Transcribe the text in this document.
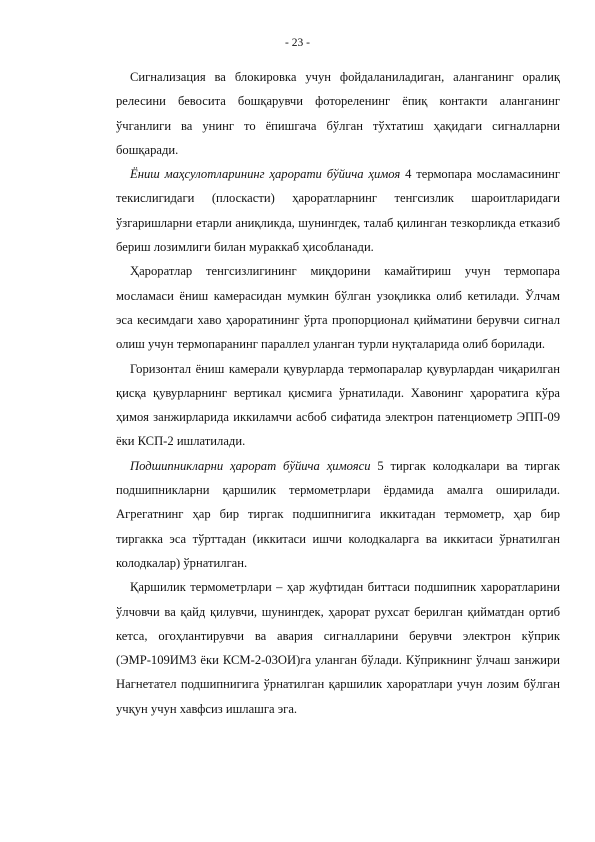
- 23 -

Сигнализация ва блокировка учун фойдаланиладиган, аланганинг оралиқ релесини бевосита бошқарувчи фотореленинг ёпиқ контакти аланганинг ўчганлиги ва унинг то ёпишгача бўлган тўхтатиш ҳақидаги сигналларни бошқаради.

Ёниш маҳсулотларининг ҳарорати бўйича ҳимоя 4 термопара мосламасининг текислигидаги (плоскасти) ҳароратларнинг тенгсизлик шароитларидаги ўзгаришларни етарли аниқликда, шунингдек, талаб қилинган тезкорликда етказиб бериш лозимлиги билан мураккаб ҳисобланади.

Ҳароратлар тенгсизлигининг миқдорини камайтириш учун термопара мосламаси ёниш камерасидан мумкин бўлган узоқликка олиб кетилади. Ўлчам эса кесимдаги хаво ҳароратининг ўрта пропорционал қийматини берувчи сигнал олиш учун термопаранинг параллел уланган турли нуқталарида олиб борилади.

Горизонтал ёниш камерали қувурларда термопаралар қувурлардан чиқарилган қисқа қувурларнинг вертикал қисмига ўрнатилади. Хавонинг ҳароратига кўра ҳимоя занжирларида иккиламчи асбоб сифатида электрон патенциометр ЭПП-09 ёки КСП-2 ишлатилади.

Подшипникларни ҳарорат бўйича ҳимояси 5 тиргак колодкалари ва тиргак подшипникларни қаршилик термометрлари ёрдамида амалга оширилади. Агрегатнинг ҳар бир тиргак подшипнигига иккитадан термометр, ҳар бир тиргакка эса тўрттадан (иккитаси ишчи колодкаларга ва иккитаси ўрнатилган колодкалар) ўрнатилган.

Қаршилик термометрлари – ҳар жуфтидан биттаси подшипник хароратларини ўлчовчи ва қайд қилувчи, шунингдек, ҳарорат рухсат берилган қийматдан ортиб кетса, огоҳлантирувчи ва авария сигналларини берувчи электрон кўприк (ЭМР-109ИМ3 ёки КСМ-2-03ОИ)га уланган бўлади. Кўприкнинг ўлчаш занжири Нагнетател подшипнигига ўрнатилган қаршилик хароратлари учун лозим бўлган учқун учун хавфсиз ишлашга эга.
